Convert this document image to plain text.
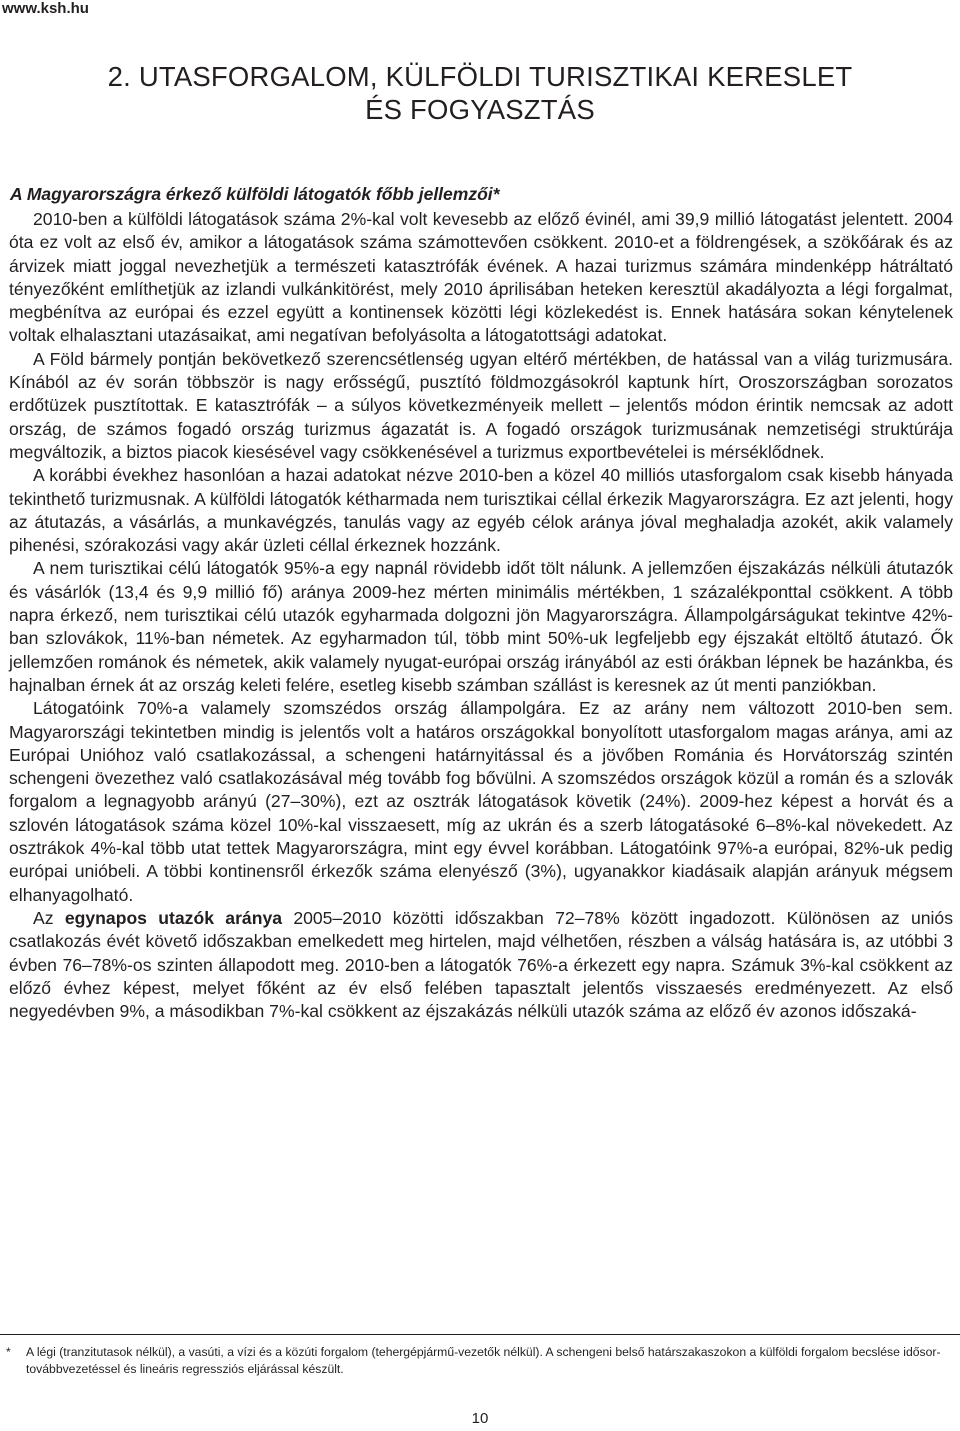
www.ksh.hu
2. UTASFORGALOM, KÜLFÖLDI TURISZTIKAI KERESLET
ÉS FOGYASZTÁS
A Magyarországra érkező külföldi látogatók főbb jellemzői*

2010-ben a külföldi látogatások száma 2%-kal volt kevesebb az előző évinél, ami 39,9 millió látogatást jelentett. 2004 óta ez volt az első év, amikor a látogatások száma számottevően csökkent. 2010-et a földrengések, a szökőárak és az árvizek miatt joggal nevezhetjük a természeti katasztrófák évének. A hazai turizmus számára mindenképp hátráltató tényezőként említhetjük az izlandi vulkánkitörést, mely 2010 áprilisában heteken keresztül akadályozta a légi forgalmat, megbénítva az európai és ezzel együtt a kontinensek közötti légi közlekedést is. Ennek hatására sokan kénytelenek voltak elhalasztani utazásaikat, ami negatívan befolyásolta a látogatottsági adatokat.

A Föld bármely pontján bekövetkező szerencsétlenség ugyan eltérő mértékben, de hatással van a világ turizmusára. Kínából az év során többször is nagy erősségű, pusztító földmozgásokról kaptunk hírt, Oroszországban sorozatos erdőtüzek pusztítottak. E katasztrófák – a súlyos következményeik mellett – jelentős módon érintik nemcsak az adott ország, de számos fogadó ország turizmus ágazatát is. A fogadó országok turizmusának nemzetiségi struktúrája megváltozik, a biztos piacok kiesésével vagy csökkenésével a turizmus exportbevételei is mérséklődnek.

A korábbi évekhez hasonlóan a hazai adatokat nézve 2010-ben a közel 40 milliós utasforgalom csak kisebb hányada tekinthető turizmusnak. A külföldi látogatók kétharmada nem turisztikai céllal érkezik Magyarországra. Ez azt jelenti, hogy az átutazás, a vásárlás, a munkavégzés, tanulás vagy az egyéb célok aránya jóval meghaladja azokét, akik valamely pihenési, szórakozási vagy akár üzleti céllal érkeznek hozzánk.

A nem turisztikai célú látogatók 95%-a egy napnál rövidebb időt tölt nálunk. A jellemzően éjszakázás nélküli átutazók és vásárlók (13,4 és 9,9 millió fő) aránya 2009-hez mérten minimális mértékben, 1 százalékponttal csökkent. A több napra érkező, nem turisztikai célú utazók egyharmada dolgozni jön Magyarországra. Állampolgárságukat tekintve 42%-ban szlovákok, 11%-ban németek. Az egyharmadon túl, több mint 50%-uk legfeljebb egy éjszakát eltöltő átutazó. Ők jellemzően románok és németek, akik valamely nyugat-európai ország irányából az esti órákban lépnek be hazánkba, és hajnalban érnek át az ország keleti felére, esetleg kisebb számban szállást is keresnek az út menti panziókban.

Látogatóink 70%-a valamely szomszédos ország állampolgára. Ez az arány nem változott 2010-ben sem. Magyarországi tekintetben mindig is jelentős volt a határos országokkal bonyolított utasforgalom magas aránya, ami az Európai Unióhoz való csatlakozással, a schengeni határnyitással és a jövőben Románia és Horvátország szintén schengeni övezethez való csatlakozásával még tovább fog bővülni. A szomszédos országok közül a román és a szlovák forgalom a legnagyobb arányú (27–30%), ezt az osztrák látogatások követik (24%). 2009-hez képest a horvát és a szlovén látogatások száma közel 10%-kal visszaesett, míg az ukrán és a szerb látogatásoké 6–8%-kal növekedett. Az osztrákok 4%-kal több utat tettek Magyarországra, mint egy évvel korábban. Látogatóink 97%-a európai, 82%-uk pedig európai unióbeli. A többi kontinensről érkezők száma elenyésző (3%), ugyanakkor kiadásaik alapján arányuk mégsem elhanyagolható.

Az egynapos utazók aránya 2005–2010 közötti időszakban 72–78% között ingadozott. Különösen az uniós csatlakozás évét követő időszakban emelkedett meg hirtelen, majd vélhetően, részben a válság hatására is, az utóbbi 3 évben 76–78%-os szinten állapodott meg. 2010-ben a látogatók 76%-a érkezett egy napra. Számuk 3%-kal csökkent az előző évhez képest, melyet főként az év első felében tapasztalt jelentős visszaesés eredményezett. Az első negyedévben 9%, a másodikban 7%-kal csökkent az éjszakázás nélküli utazók száma az előző év azonos időszaká-

* A légi (tranzitutasok nélkül), a vasúti, a vízi és a közúti forgalom (tehergépjármű-vezetők nélkül). A schengeni belső határszakaszokon a külföldi forgalom becslése idősor-továbbvezetéssel és lineáris regressziós eljárással készült.
10
